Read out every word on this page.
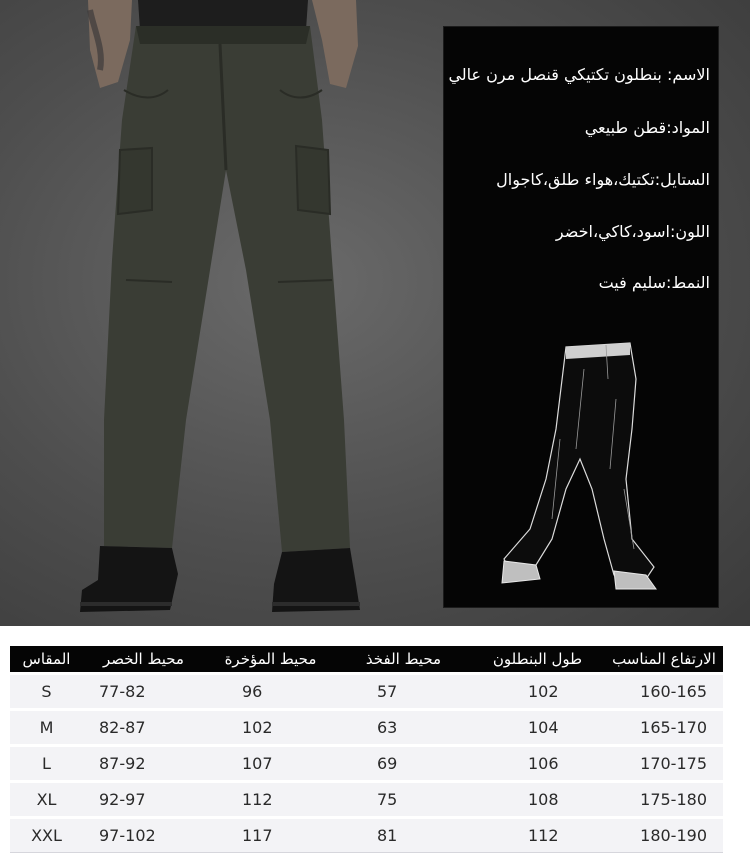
الاسم: بنطلون تكتيكي قنصل مرن عالي
المواد:قطن طبيعي
الستايل:تكتيك،هواء طلق،كاجوال
اللون:اسود،كاكي،اخضر
النمط:سليم فيت
المقاس	محيط الخصر	محيط المؤخرة	محيط الفخذ	طول البنطلون	الارتفاع المناسب
S	77-82	96	57	102	160-165
M	82-87	102	63	104	165-170
L	87-92	107	69	106	170-175
XL	92-97	112	75	108	175-180
XXL	97-102	117	81	112	180-190
